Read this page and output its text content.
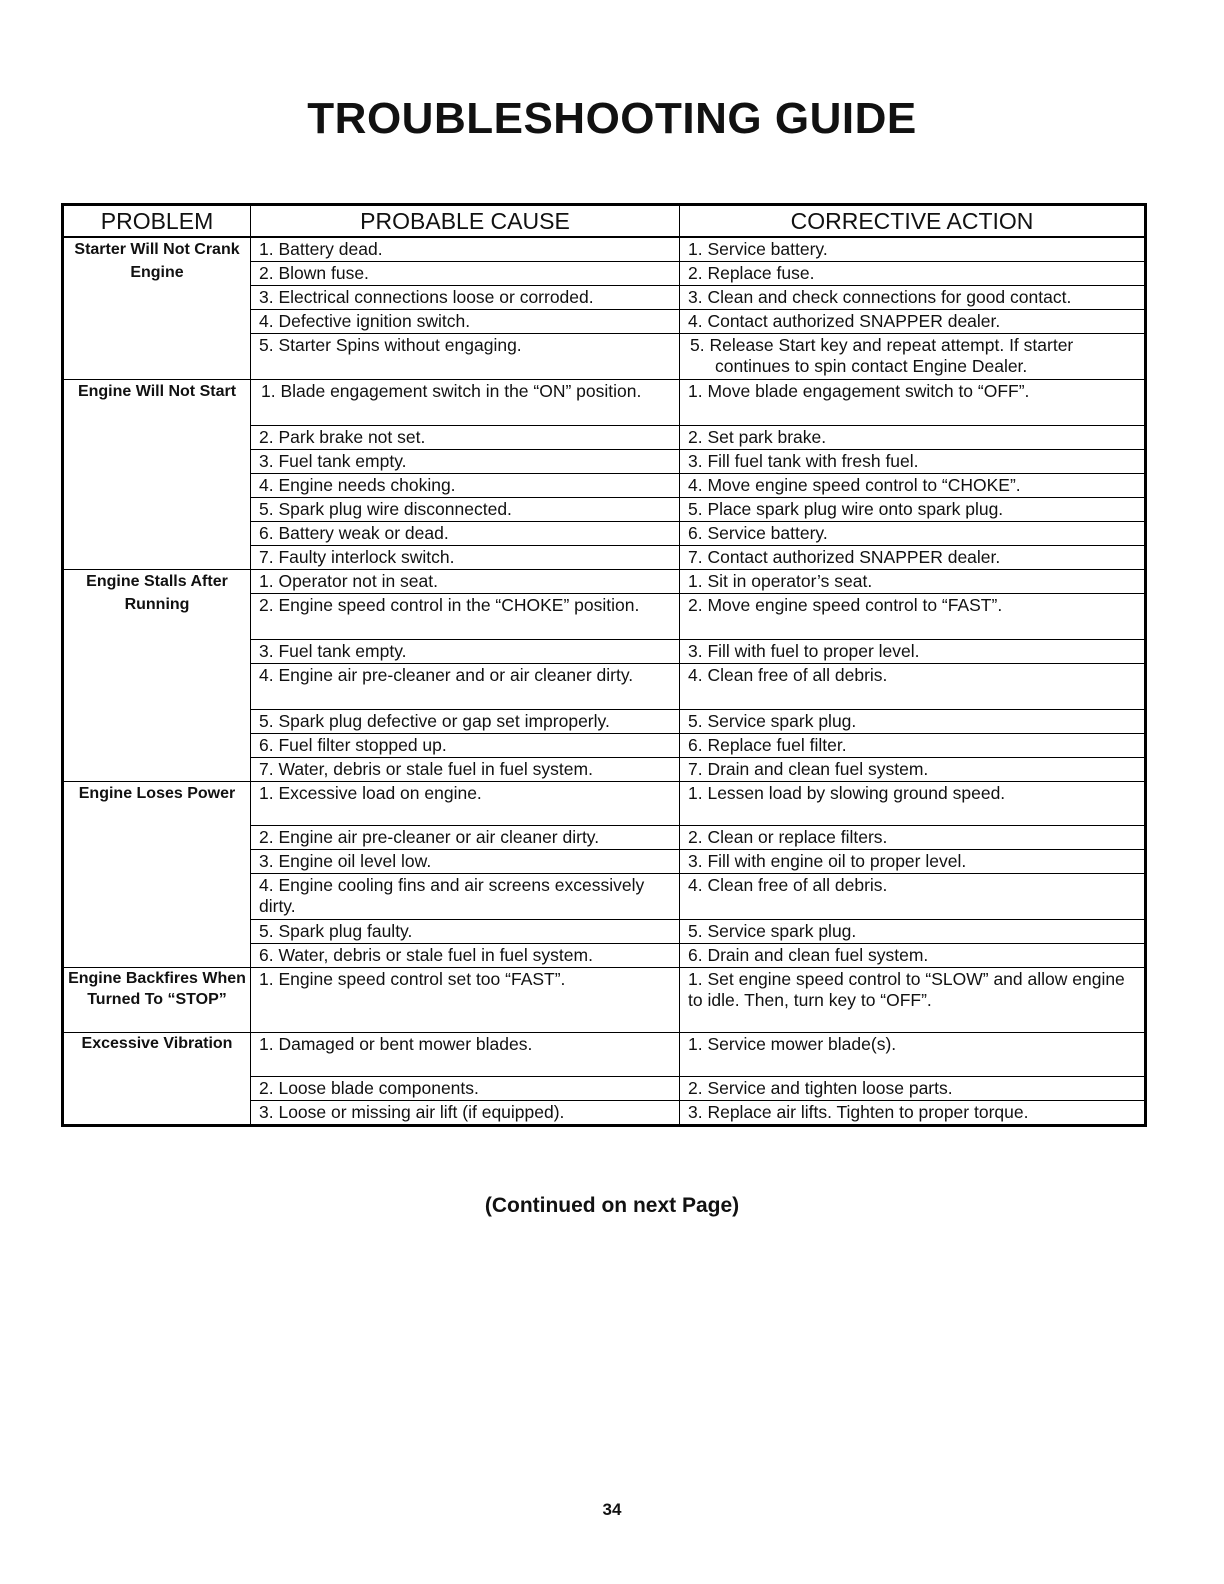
TROUBLESHOOTING GUIDE
PROBLEM	PROBABLE CAUSE	CORRECTIVE ACTION
Starter Will Not Crank Engine	1. Battery dead.	1. Service battery.
	2. Blown fuse.	2. Replace fuse.
	3. Electrical connections loose or corroded.	3. Clean and check connections for good contact.
	4. Defective ignition switch.	4. Contact authorized SNAPPER dealer.
	5. Starter Spins without engaging.	5. Release Start key and repeat attempt. If starter continues to spin contact Engine Dealer.
Engine Will Not Start	1. Blade engagement switch in the “ON” position.	1. Move blade engagement switch to “OFF”.
	2. Park brake not set.	2. Set park brake.
	3. Fuel tank empty.	3. Fill fuel tank with fresh fuel.
	4. Engine needs choking.	4. Move engine speed control to “CHOKE”.
	5. Spark plug wire disconnected.	5. Place spark plug wire onto spark plug.
	6. Battery weak or dead.	6. Service battery.
	7. Faulty interlock switch.	7. Contact authorized SNAPPER dealer.
Engine Stalls After Running	1. Operator not in seat.	1. Sit in operator’s seat.
	2. Engine speed control in the “CHOKE” position.	2. Move engine speed control to “FAST”.
	3. Fuel tank empty.	3. Fill with fuel to proper level.
	4. Engine air pre-cleaner and or air cleaner dirty.	4. Clean free of all debris.
	5. Spark plug defective or gap set improperly.	5. Service spark plug.
	6. Fuel filter stopped up.	6. Replace fuel filter.
	7. Water, debris or stale fuel in fuel system.	7. Drain and clean fuel system.
Engine Loses Power	1. Excessive load on engine.	1. Lessen load by slowing ground speed.
	2. Engine air pre-cleaner or air cleaner dirty.	2. Clean or replace filters.
	3. Engine oil level low.	3. Fill with engine oil to proper level.
	4. Engine cooling fins and air screens excessively dirty.	4. Clean free of all debris.
	5. Spark plug faulty.	5. Service spark plug.
	6. Water, debris or stale fuel in fuel system.	6. Drain and clean fuel system.
Engine Backfires When Turned To “STOP”	1. Engine speed control set too “FAST”.	1. Set engine speed control to “SLOW” and allow engine to idle. Then, turn key to “OFF”.
Excessive Vibration	1. Damaged or bent mower blades.	1. Service mower blade(s).
	2. Loose blade components.	2. Service and tighten loose parts.
	3. Loose or missing air lift (if equipped).	3. Replace air lifts. Tighten to proper torque.
(Continued on next Page)
34
